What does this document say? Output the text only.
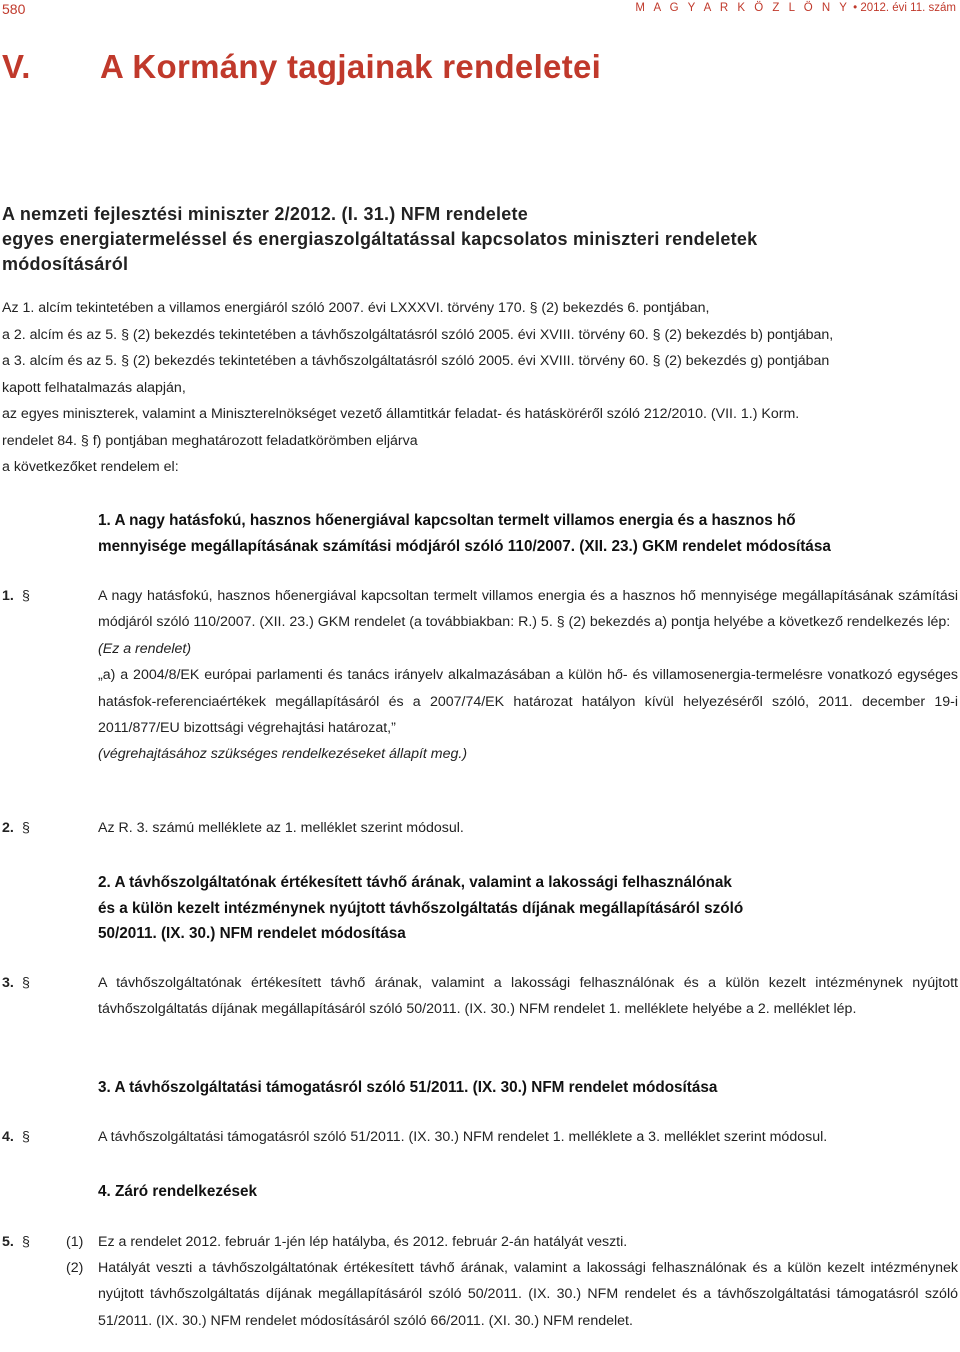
580	M A G Y A R K Ö Z L Ö N Y • 2012. évi 11. szám
V. A Kormány tagjainak rendeletei
A nemzeti fejlesztési miniszter 2/2012. (I. 31.) NFM rendelete
egyes energiatermeléssel és energiaszolgáltatással kapcsolatos miniszteri rendeletek
módosításáról
Az 1. alcím tekintetében a villamos energiáról szóló 2007. évi LXXXVI. törvény 170. § (2) bekezdés 6. pontjában,
a 2. alcím és az 5. § (2) bekezdés tekintetében a távhőszolgáltatásról szóló 2005. évi XVIII. törvény 60. § (2) bekezdés b) pontjában,
a 3. alcím és az 5. § (2) bekezdés tekintetében a távhőszolgáltatásról szóló 2005. évi XVIII. törvény 60. § (2) bekezdés g) pontjában
kapott felhatalmazás alapján,
az egyes miniszterek, valamint a Miniszterelnökséget vezető államtitkár feladat- és hatásköréről szóló 212/2010. (VII. 1.) Korm.
rendelet 84. § f) pontjában meghatározott feladatkörömben eljárva
a következőket rendelem el:
1. A nagy hatásfokú, hasznos hőenergiával kapcsoltan termelt villamos energia és a hasznos hő
mennyisége megállapításának számítási módjáról szóló 110/2007. (XII. 23.) GKM rendelet módosítása
1. §	A nagy hatásfokú, hasznos hőenergiával kapcsoltan termelt villamos energia és a hasznos hő mennyisége megállapításának számítási módjáról szóló 110/2007. (XII. 23.) GKM rendelet (a továbbiakban: R.) 5. § (2) bekezdés a) pontja helyébe a következő rendelkezés lép:
(Ez a rendelet)
„a) a 2004/8/EK európai parlamenti és tanács irányelv alkalmazásában a külön hő- és villamosenergia-termelésre vonatkozó egységes hatásfok-referenciaértékek megállapításáról és a 2007/74/EK határozat hatályon kívül helyezéséről szóló, 2011. december 19-i 2011/877/EU bizottsági végrehajtási határozat,”
(végrehajtásához szükséges rendelkezéseket állapít meg.)
2. §	Az R. 3. számú melléklete az 1. melléklet szerint módosul.
2. A távhőszolgáltatónak értékesített távhő árának, valamint a lakossági felhasználónak
és a külön kezelt intézménynek nyújtott távhőszolgáltatás díjának megállapításáról szóló
50/2011. (IX. 30.) NFM rendelet módosítása
3. §	A távhőszolgáltatónak értékesített távhő árának, valamint a lakossági felhasználónak és a külön kezelt intézménynek nyújtott távhőszolgáltatás díjának megállapításáról szóló 50/2011. (IX. 30.) NFM rendelet 1. melléklete helyébe a 2. melléklet lép.
3. A távhőszolgáltatási támogatásról szóló 51/2011. (IX. 30.) NFM rendelet módosítása
4. §	A távhőszolgáltatási támogatásról szóló 51/2011. (IX. 30.) NFM rendelet 1. melléklete a 3. melléklet szerint módosul.
4. Záró rendelkezések
5. §	(1) Ez a rendelet 2012. február 1-jén lép hatályba, és 2012. február 2-án hatályát veszti.
(2) Hatályát veszti a távhőszolgáltatónak értékesített távhő árának, valamint a lakossági felhasználónak és a külön kezelt intézménynek nyújtott távhőszolgáltatás díjának megállapításáról szóló 50/2011. (IX. 30.) NFM rendelet és a távhőszolgáltatási támogatásról szóló 51/2011. (IX. 30.) NFM rendelet módosításáról szóló 66/2011. (XI. 30.) NFM rendelet.
